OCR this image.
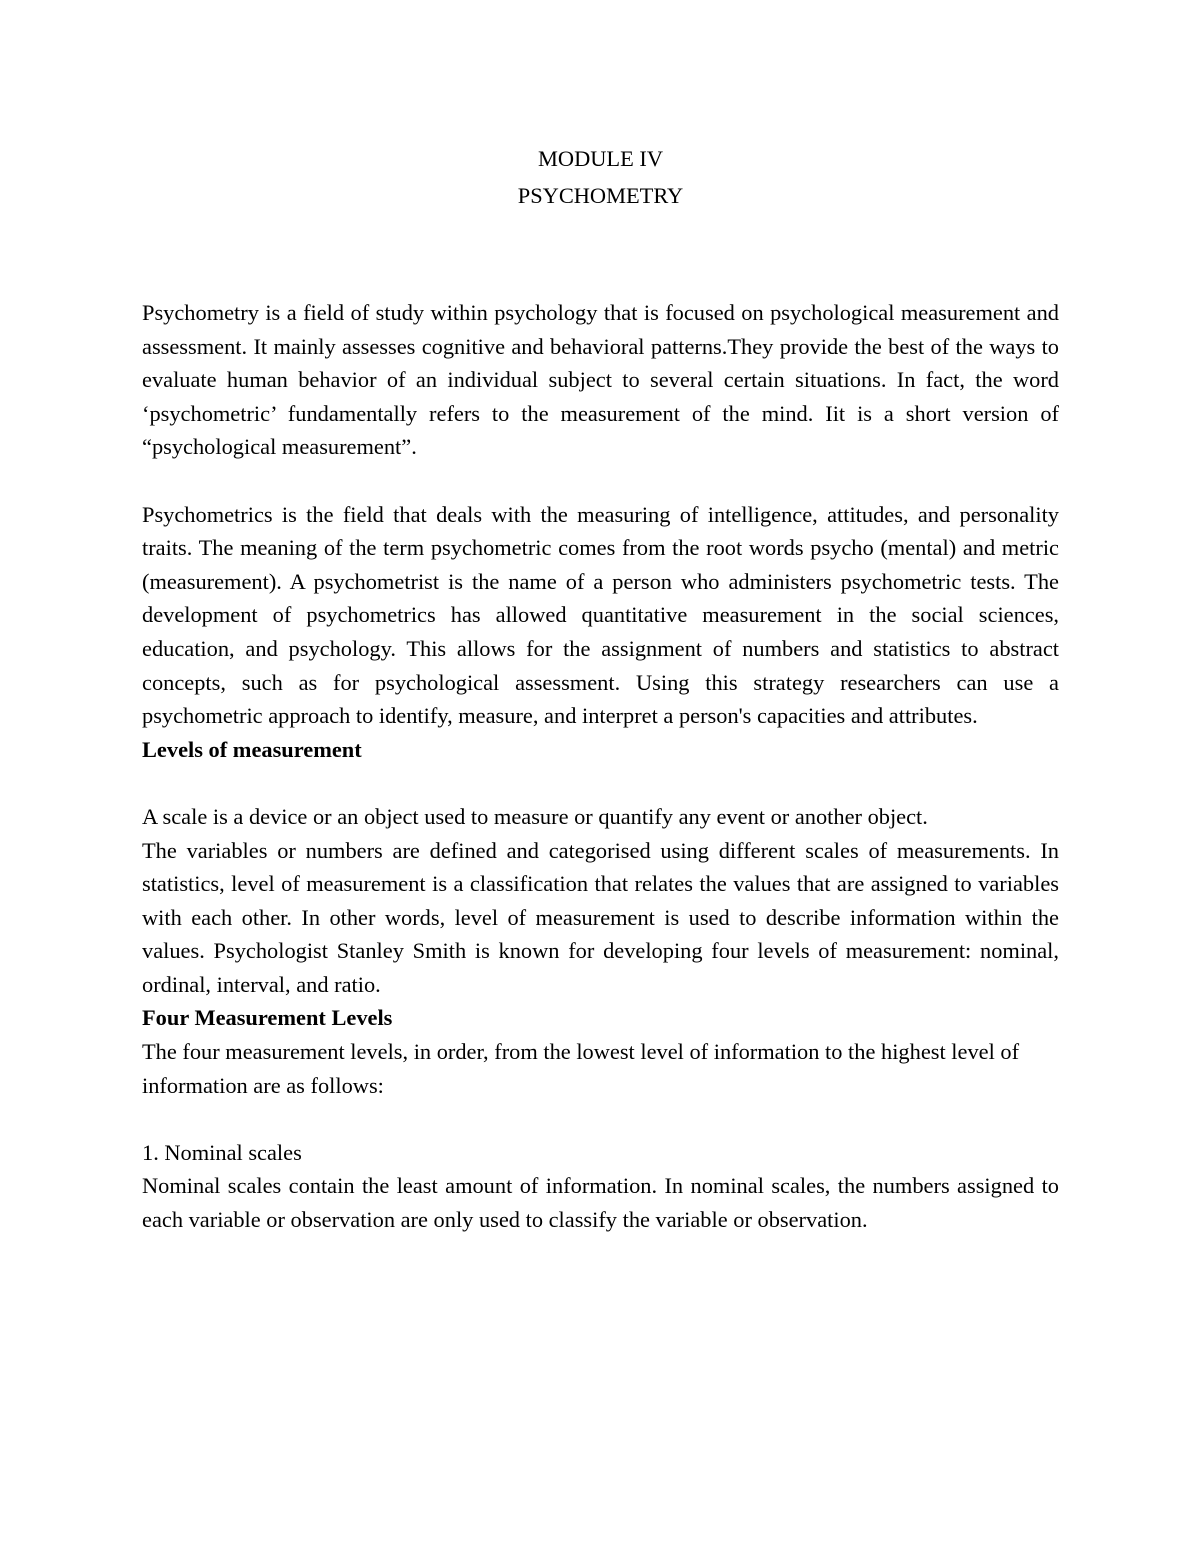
MODULE IV
PSYCHOMETRY

Psychometry is a field of study within psychology that is focused on psychological measurement and assessment. It mainly assesses cognitive and behavioral patterns.They provide the best of the ways to evaluate human behavior of an individual subject to several certain situations. In fact, the word ‘psychometric’ fundamentally refers to the measurement of the mind. Iit is a short version of “psychological measurement”.

Psychometrics is the field that deals with the measuring of intelligence, attitudes, and personality traits. The meaning of the term psychometric comes from the root words psycho (mental) and metric (measurement). A psychometrist is the name of a person who administers psychometric tests. The development of psychometrics has allowed quantitative measurement in the social sciences, education, and psychology. This allows for the assignment of numbers and statistics to abstract concepts, such as for psychological assessment. Using this strategy researchers can use a psychometric approach to identify, measure, and interpret a person's capacities and attributes.

Levels of measurement

A scale is a device or an object used to measure or quantify any event or another object.

The variables or numbers are defined and categorised using different scales of measurements. In statistics, level of measurement is a classification that relates the values that are assigned to variables with each other. In other words, level of measurement is used to describe information within the values. Psychologist Stanley Smith is known for developing four levels of measurement: nominal, ordinal, interval, and ratio.

Four Measurement Levels

The four measurement levels, in order, from the lowest level of information to the highest level of information are as follows:

1. Nominal scales

Nominal scales contain the least amount of information. In nominal scales, the numbers assigned to each variable or observation are only used to classify the variable or observation.
